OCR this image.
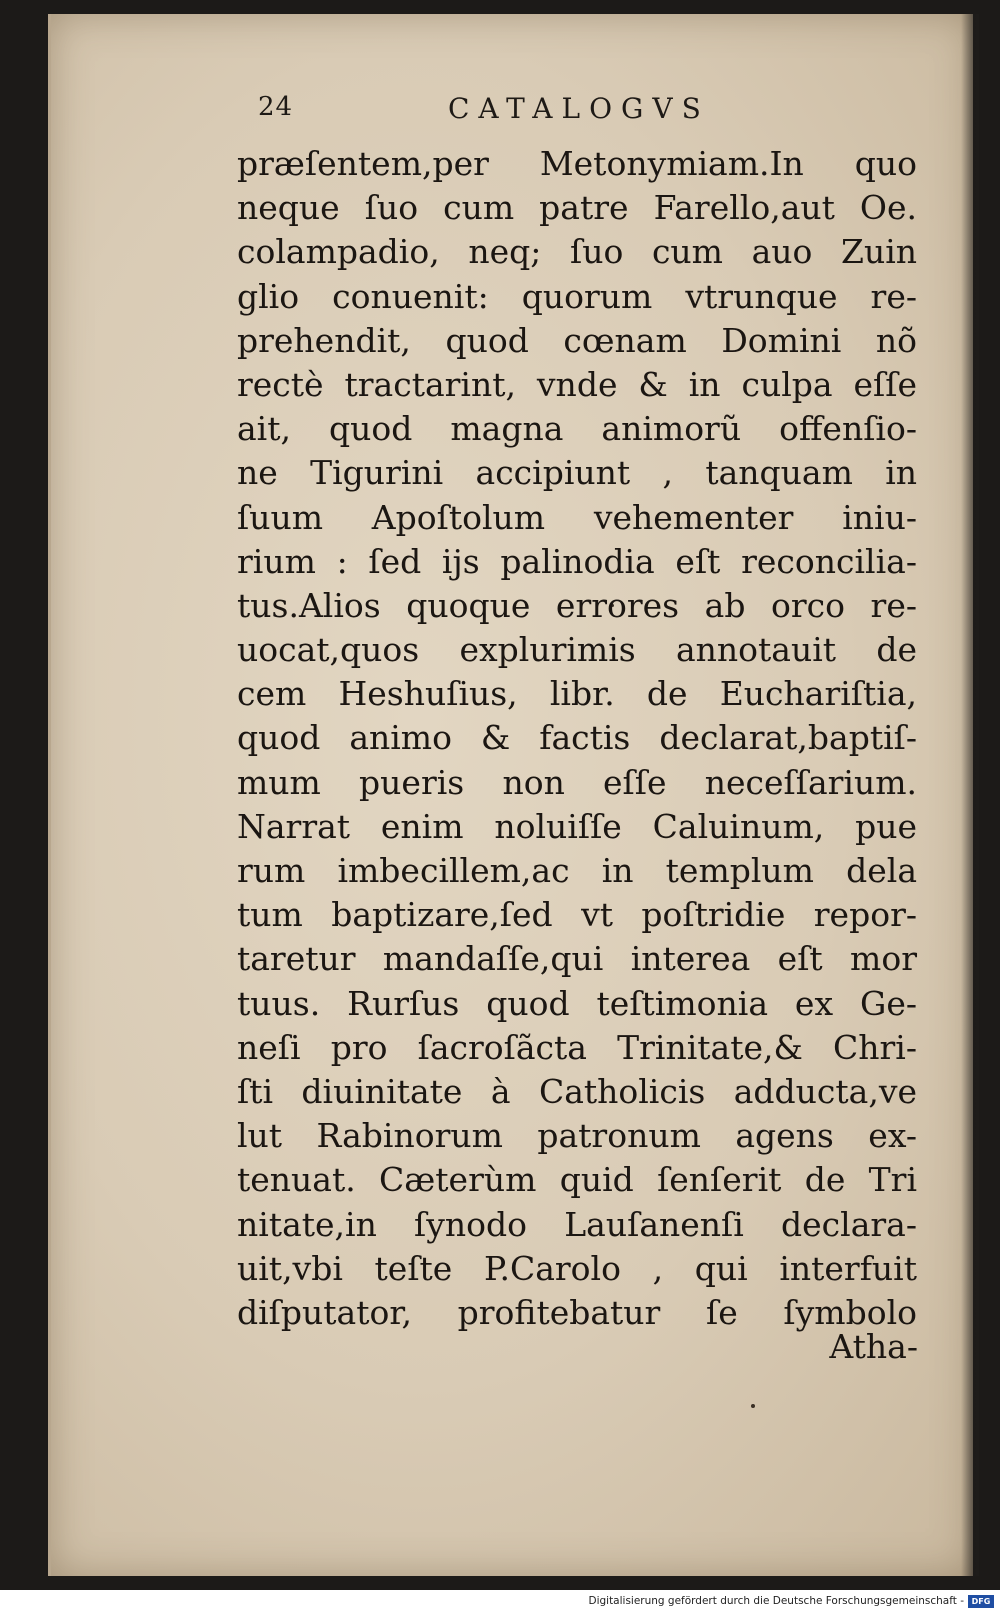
24	CATALOGVS
præſentem,per Metonymiam.In quo
neque ſuo cum patre Farello,aut Oe.
colampadio, neq; ſuo cum auo Zuin
glio conuenit: quorum vtrunque re-
prehendit, quod cœnam Domini nõ
rectè tractarint, vnde & in culpa eſſe
ait, quod magna animorũ offenſio-
ne Tigurini accipiunt , tanquam in
ſuum Apoſtolum vehementer iniu-
rium : ſed ijs palinodia eſt reconcilia-
tus.Alios quoque errores ab orco re-
uocat,quos explurimis annotauit de
cem Heshuſius, libr. de Euchariſtia,
quod animo & factis declarat,baptiſ-
mum pueris non eſſe neceſſarium.
Narrat enim noluiſſe Caluinum, pue
rum imbecillem,ac in templum dela
tum baptizare,ſed vt poſtridie repor-
taretur mandaſſe,qui interea eſt mor
tuus. Rurſus quod teſtimonia ex Ge-
neſi pro ſacroſãcta Trinitate,& Chri-
ſti diuinitate à Catholicis adducta,ve
lut Rabinorum patronum agens ex-
tenuat. Cæterùm quid ſenſerit de Tri
nitate,in ſynodo Lauſanenſi declara-
uit,vbi teſte P.Carolo , qui interfuit
diſputator, profitebatur ſe ſymbolo
Atha-
Digitalisierung gefördert durch die Deutsche Forschungsgemeinschaft - DFG
